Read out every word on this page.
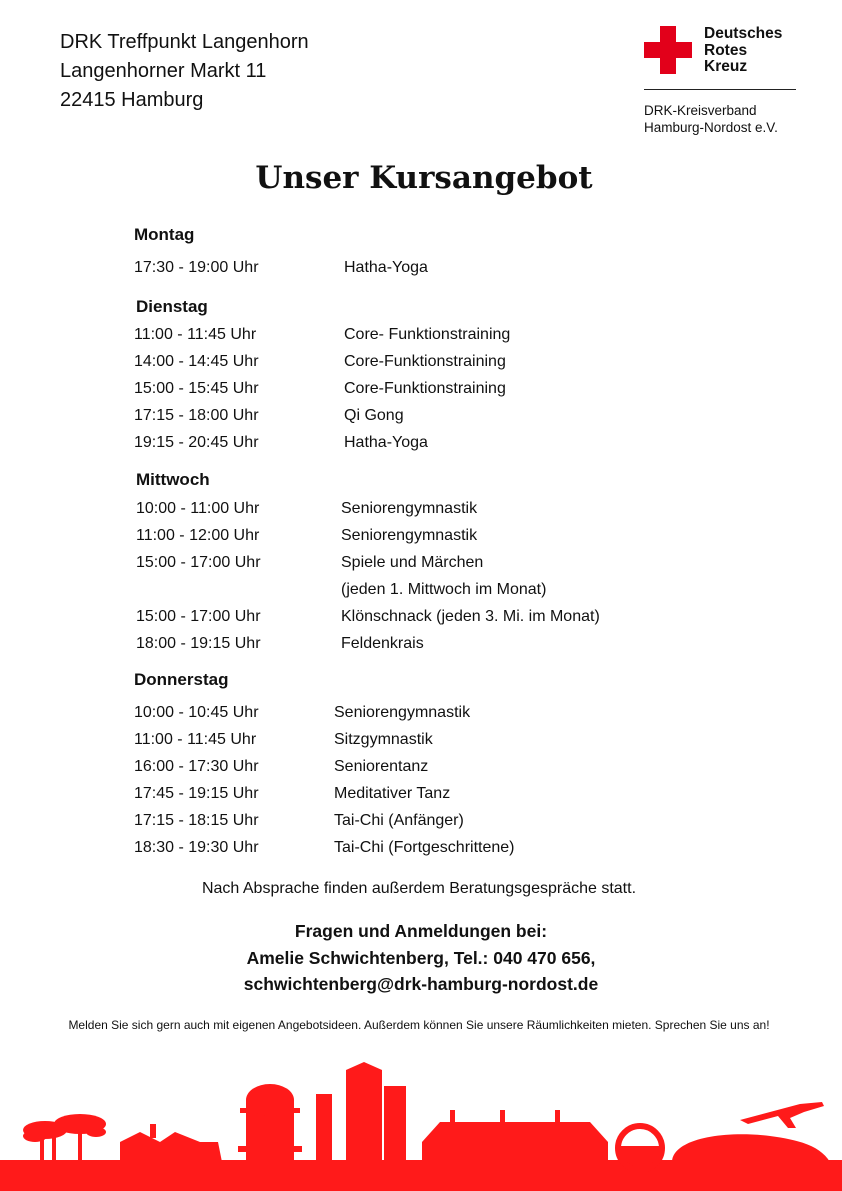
DRK Treffpunkt Langenhorn
Langenhorner Markt 11
22415 Hamburg
Deutsches
Rotes
Kreuz
DRK-Kreisverband
Hamburg-Nordost e.V.
Unser Kursangebot
Montag
17:30 - 19:00 Uhr	Hatha-Yoga
Dienstag
11:00 - 11:45 Uhr	Core- Funktionstraining
14:00 - 14:45 Uhr	Core-Funktionstraining
15:00 - 15:45 Uhr	Core-Funktionstraining
17:15 - 18:00 Uhr	Qi Gong
19:15 - 20:45 Uhr	Hatha-Yoga
Mittwoch
10:00 - 11:00 Uhr	Seniorengymnastik
11:00 - 12:00 Uhr	Seniorengymnastik
15:00 - 17:00 Uhr	Spiele und Märchen
(jeden 1. Mittwoch im Monat)
15:00 - 17:00 Uhr	Klönschnack (jeden 3. Mi. im Monat)
18:00 - 19:15 Uhr	Feldenkrais
Donnerstag
10:00 - 10:45 Uhr	Seniorengymnastik
11:00 - 11:45 Uhr	Sitzgymnastik
16:00 - 17:30 Uhr	Seniorentanz
17:45 - 19:15 Uhr	Meditativer Tanz
17:15 - 18:15 Uhr	Tai-Chi (Anfänger)
18:30 - 19:30 Uhr	Tai-Chi (Fortgeschrittene)
Nach Absprache finden außerdem Beratungsgespräche statt.
Fragen und Anmeldungen bei:
Amelie Schwichtenberg, Tel.: 040 470 656,
schwichtenberg@drk-hamburg-nordost.de
Melden Sie sich gern auch mit eigenen Angebotsideen. Außerdem können Sie unsere Räumlichkeiten mieten. Sprechen Sie uns an!
